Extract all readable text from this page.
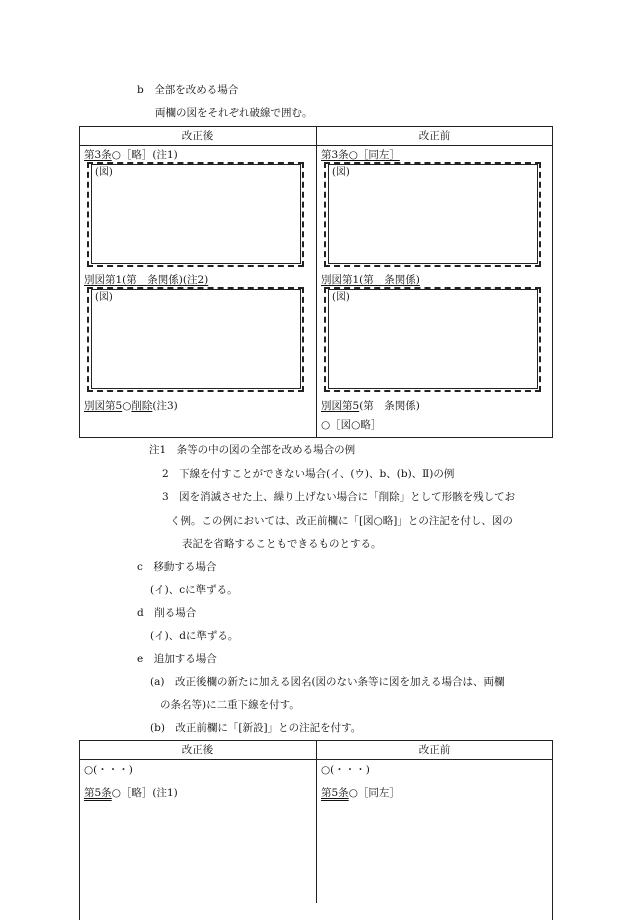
b　全部を改める場合
両欄の図をそれぞれ破線で囲む。
改正後	改正前
第3条○［略］(注1)
(図)
別図第1(第　 条関係)(注2)
(図)
別図第5○削除(注3)
第3条○［同左］
(図)
別図第1(第　条関係)
(図)
別図第5(第　条関係)
○［図○略］
注1　条等の中の図の全部を改める場合の例
2　下線を付すことができない場合(イ、(ウ)、b、(b)、Ⅱ)の例
3　図を消滅させた上、繰り上げない場合に「削除」として形骸を残してお
く例。この例においては、改正前欄に「[図○略]」との注記を付し、図の
表記を省略することもできるものとする。
c　移動する場合
(イ)、cに準ずる。
d　削る場合
(イ)、dに準ずる。
e　追加する場合
(a)　改正後欄の新たに加える図名(図のない条等に図を加える場合は、両欄
の条名等)に二重下線を付す。
(b)　改正前欄に「[新設]」との注記を付す。
改正後	改正前
○(・・・)
第5条○［略］(注1)
○(・・・)
第5条○［同左］
